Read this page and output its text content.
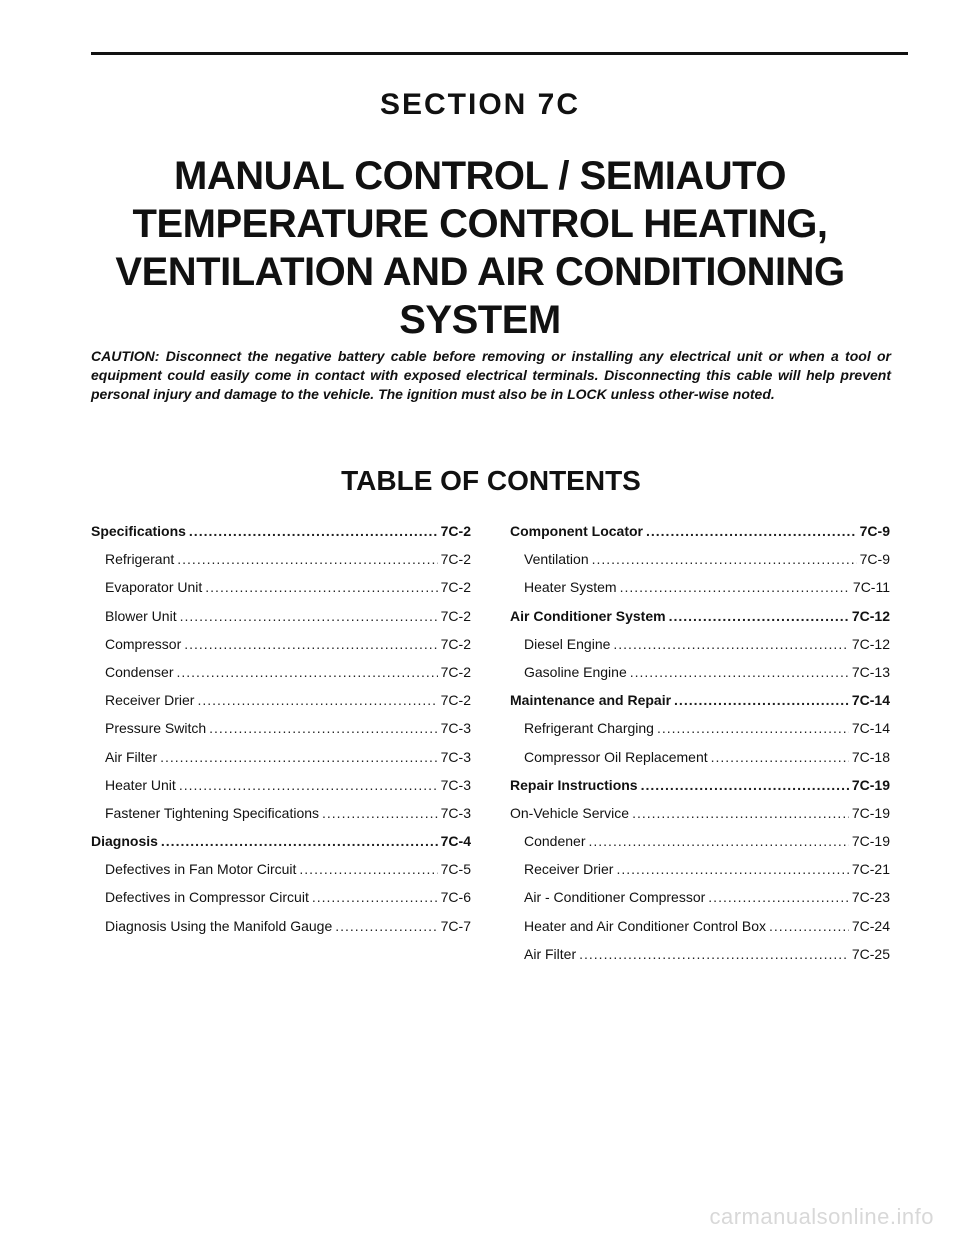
SECTION 7C
MANUAL CONTROL / SEMIAUTO
TEMPERATURE CONTROL HEATING,
VENTILATION AND AIR CONDITIONING
SYSTEM
CAUTION: Disconnect the negative battery cable before removing or installing any electrical unit or when a tool or equipment could easily come in contact with exposed electrical terminals. Disconnecting this cable will help prevent personal injury and damage to the vehicle. The ignition must also be in LOCK unless other-wise noted.
TABLE OF CONTENTS
Specifications .....	7C-2
Refrigerant .....	7C-2
Evaporator Unit .....	7C-2
Blower Unit .....	7C-2
Compressor .....	7C-2
Condenser .....	7C-2
Receiver Drier .....	7C-2
Pressure Switch .....	7C-3
Air Filter .....	7C-3
Heater Unit .....	7C-3
Fastener Tightening Specifications .....	7C-3
Diagnosis .....	7C-4
Defectives in Fan Motor Circuit .....	7C-5
Defectives in Compressor Circuit .....	7C-6
Diagnosis Using the Manifold Gauge .....	7C-7
Component Locator .....	7C-9
Ventilation .....	7C-9
Heater System .....	7C-11
Air Conditioner System .....	7C-12
Diesel Engine .....	7C-12
Gasoline Engine .....	7C-13
Maintenance and Repair .....	7C-14
Refrigerant Charging .....	7C-14
Compressor Oil Replacement .....	7C-18
Repair Instructions .....	7C-19
On-Vehicle Service .....	7C-19
Condener .....	7C-19
Receiver Drier .....	7C-21
Air - Conditioner Compressor .....	7C-23
Heater and Air Conditioner Control Box .....	7C-24
Air Filter .....	7C-25
carmanualsonline.info
